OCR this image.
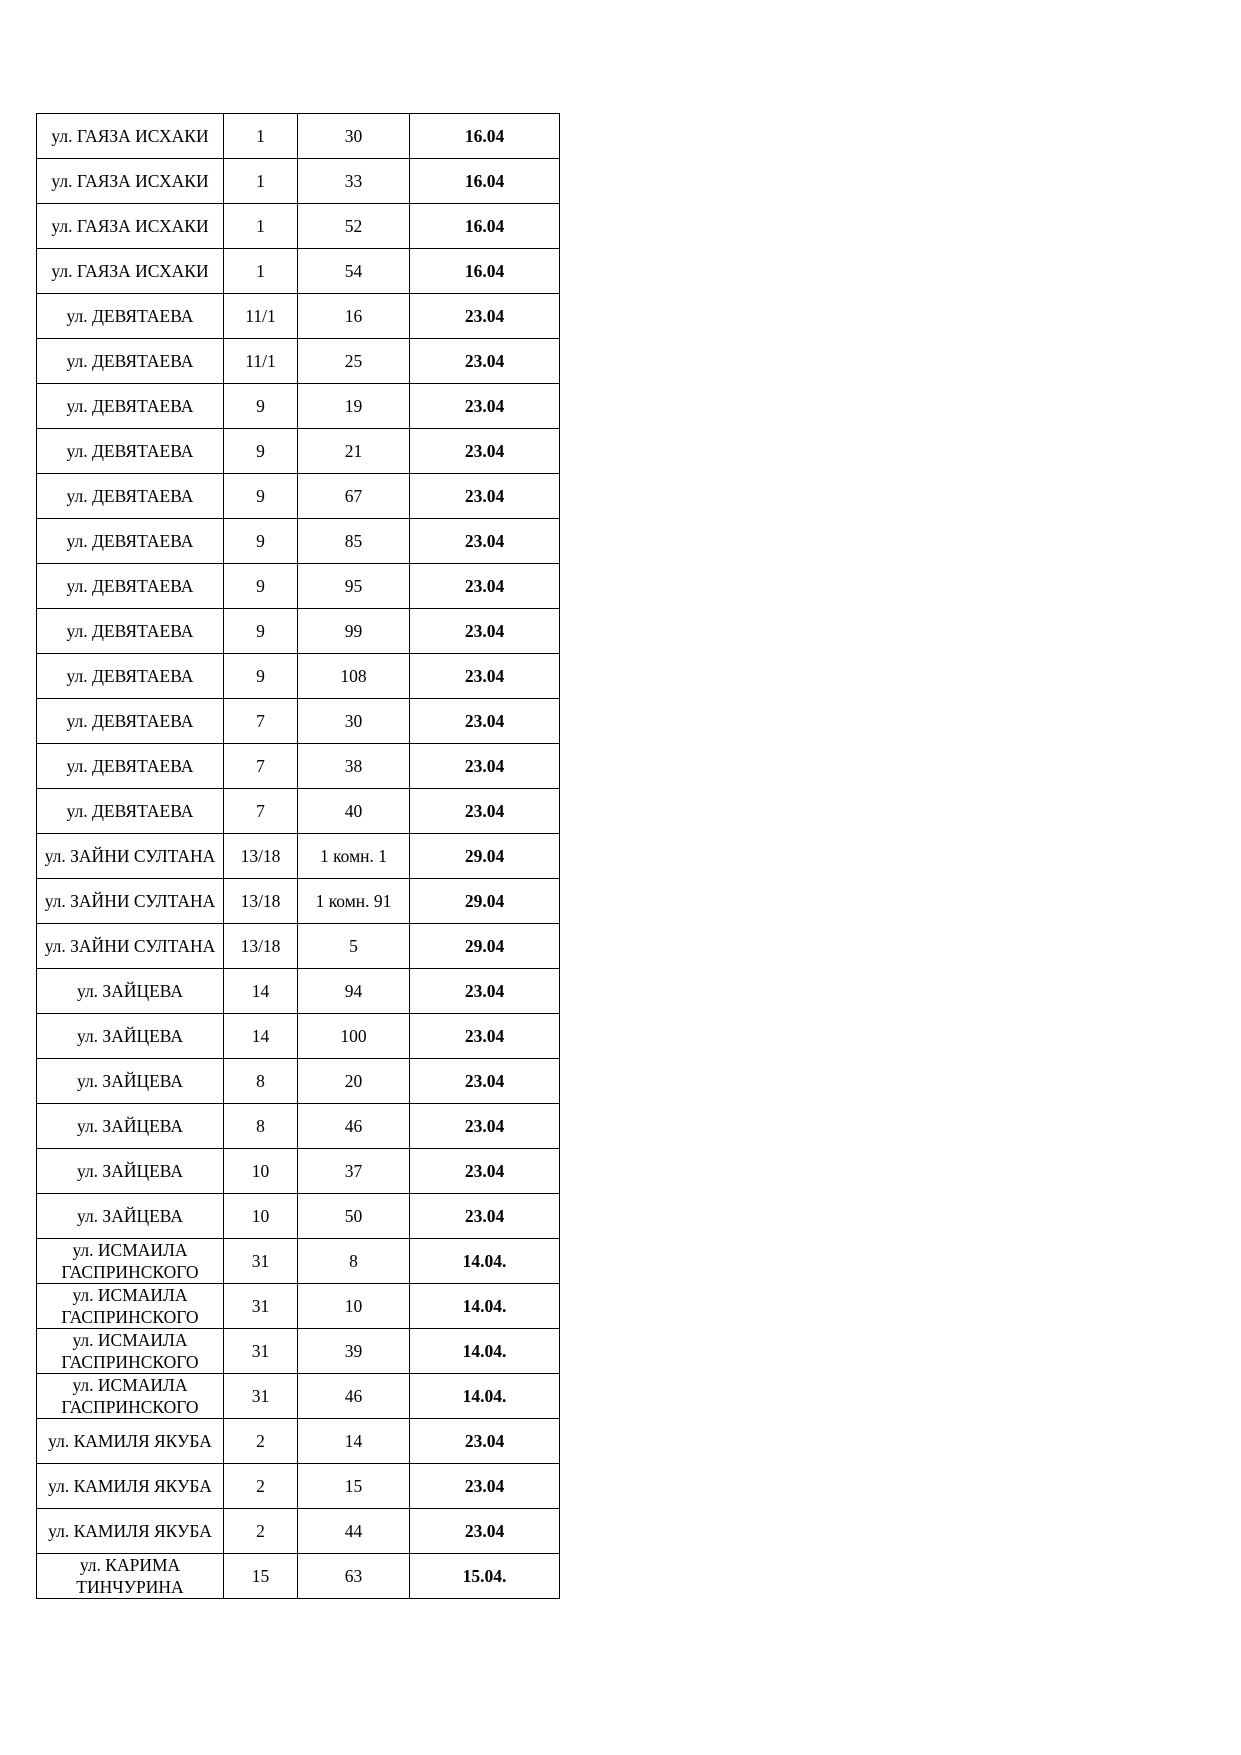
ул. ГАЯЗА ИСХАКИ	1	30	16.04
ул. ГАЯЗА ИСХАКИ	1	33	16.04
ул. ГАЯЗА ИСХАКИ	1	52	16.04
ул. ГАЯЗА ИСХАКИ	1	54	16.04
ул. ДЕВЯТАЕВА	11/1	16	23.04
ул. ДЕВЯТАЕВА	11/1	25	23.04
ул. ДЕВЯТАЕВА	9	19	23.04
ул. ДЕВЯТАЕВА	9	21	23.04
ул. ДЕВЯТАЕВА	9	67	23.04
ул. ДЕВЯТАЕВА	9	85	23.04
ул. ДЕВЯТАЕВА	9	95	23.04
ул. ДЕВЯТАЕВА	9	99	23.04
ул. ДЕВЯТАЕВА	9	108	23.04
ул. ДЕВЯТАЕВА	7	30	23.04
ул. ДЕВЯТАЕВА	7	38	23.04
ул. ДЕВЯТАЕВА	7	40	23.04
ул. ЗАЙНИ СУЛТАНА	13/18	1 комн. 1	29.04
ул. ЗАЙНИ СУЛТАНА	13/18	1 комн. 91	29.04
ул. ЗАЙНИ СУЛТАНА	13/18	5	29.04
ул. ЗАЙЦЕВА	14	94	23.04
ул. ЗАЙЦЕВА	14	100	23.04
ул. ЗАЙЦЕВА	8	20	23.04
ул. ЗАЙЦЕВА	8	46	23.04
ул. ЗАЙЦЕВА	10	37	23.04
ул. ЗАЙЦЕВА	10	50	23.04
ул. ИСМАИЛА ГАСПРИНСКОГО	31	8	14.04.
ул. ИСМАИЛА ГАСПРИНСКОГО	31	10	14.04.
ул. ИСМАИЛА ГАСПРИНСКОГО	31	39	14.04.
ул. ИСМАИЛА ГАСПРИНСКОГО	31	46	14.04.
ул. КАМИЛЯ ЯКУБА	2	14	23.04
ул. КАМИЛЯ ЯКУБА	2	15	23.04
ул. КАМИЛЯ ЯКУБА	2	44	23.04
ул. КАРИМА ТИНЧУРИНА	15	63	15.04.
